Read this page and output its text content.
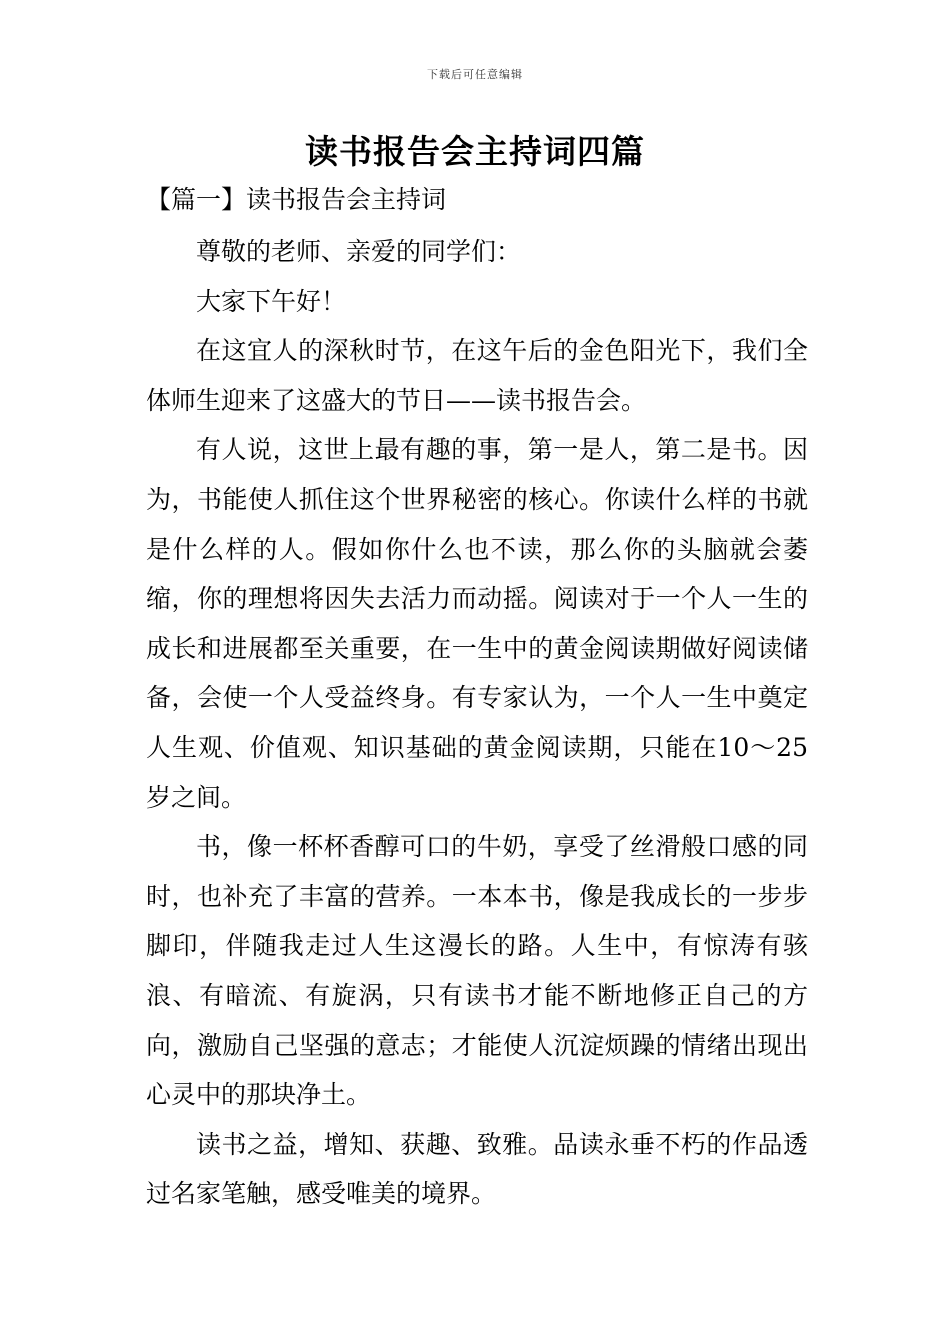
下载后可任意编辑
读书报告会主持词四篇
【篇一】读书报告会主持词

尊敬的老师、亲爱的同学们：

大家下午好！

在这宜人的深秋时节，在这午后的金色阳光下，我们全体师生迎来了这盛大的节日——读书报告会。

有人说，这世上最有趣的事，第一是人，第二是书。因为，书能使人抓住这个世界秘密的核心。你读什么样的书就是什么样的人。假如你什么也不读，那么你的头脑就会萎缩，你的理想将因失去活力而动摇。阅读对于一个人一生的成长和进展都至关重要，在一生中的黄金阅读期做好阅读储备，会使一个人受益终身。有专家认为，一个人一生中奠定人生观、价值观、知识基础的黄金阅读期，只能在10～25岁之间。

书，像一杯杯香醇可口的牛奶，享受了丝滑般口感的同时，也补充了丰富的营养。一本本书，像是我成长的一步步脚印，伴随我走过人生这漫长的路。人生中，有惊涛有骇浪、有暗流、有旋涡，只有读书才能不断地修正自己的方向，激励自己坚强的意志；才能使人沉淀烦躁的情绪出现出心灵中的那块净土。

读书之益，增知、获趣、致雅。品读永垂不朽的作品透过名家笔触，感受唯美的境界。
